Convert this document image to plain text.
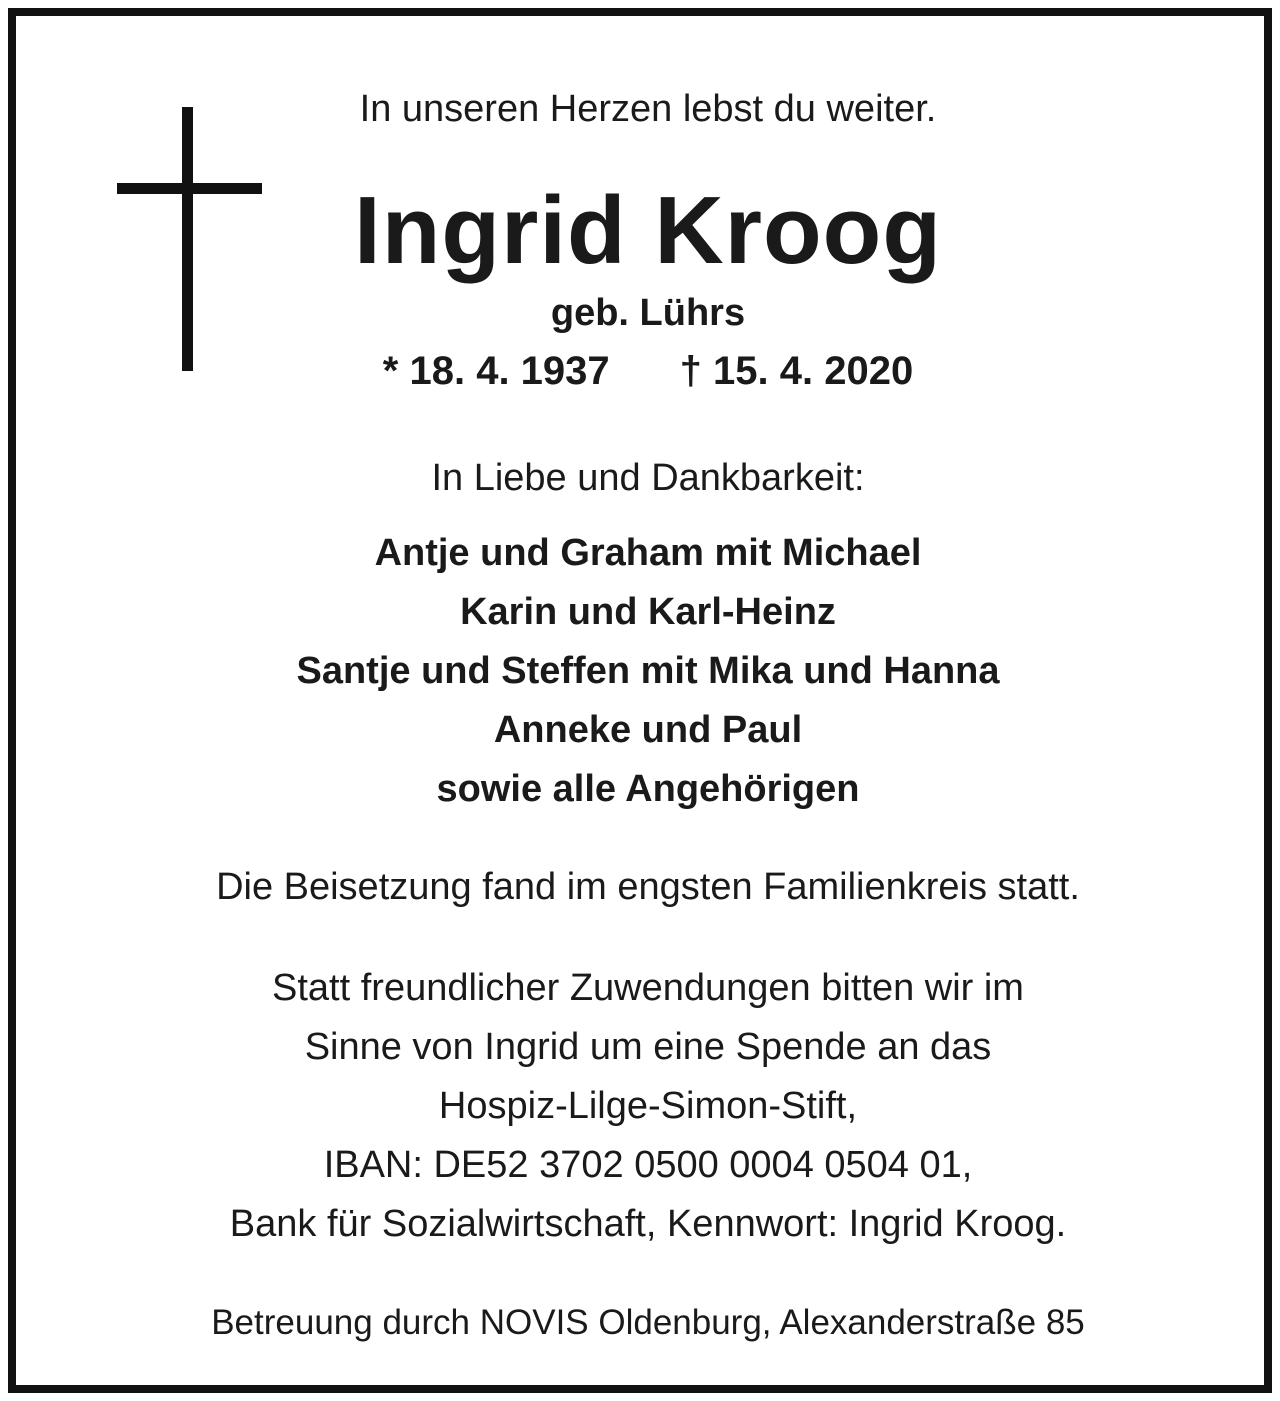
In unseren Herzen lebst du weiter.

Ingrid Kroog

geb. Lührs

* 18. 4. 1937 † 15. 4. 2020

In Liebe und Dankbarkeit:

Antje und Graham mit Michael

Karin und Karl-Heinz

Santje und Steffen mit Mika und Hanna

Anneke und Paul

sowie alle Angehörigen

Die Beisetzung fand im engsten Familienkreis statt.

Statt freundlicher Zuwendungen bitten wir im

Sinne von Ingrid um eine Spende an das

Hospiz-Lilge-Simon-Stift,

IBAN: DE52 3702 0500 0004 0504 01,

Bank für Sozialwirtschaft, Kennwort: Ingrid Kroog.

Betreuung durch NOVIS Oldenburg, Alexanderstraße 85
